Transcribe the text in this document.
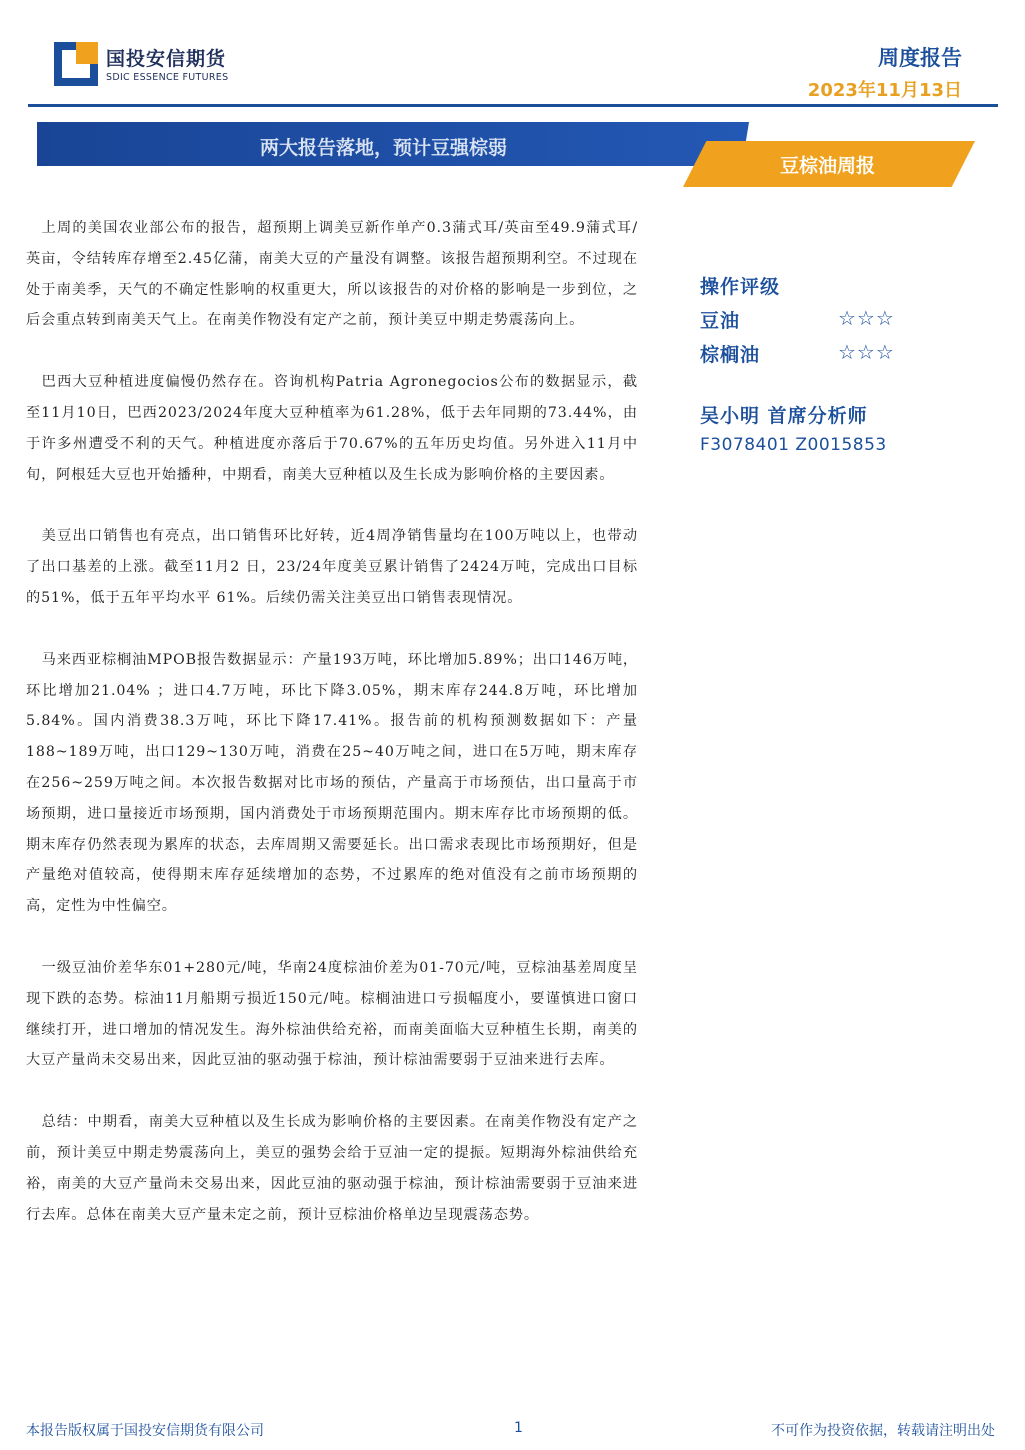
国投安信期货
SDIC ESSENCE FUTURES
周度报告
2023年11月13日
两大报告落地，预计豆强棕弱
豆棕油周报

上周的美国农业部公布的报告，超预期上调美豆新作单产0.3蒲式耳/英亩至49.9蒲式耳/英亩，令结转库存增至2.45亿蒲，南美大豆的产量没有调整。该报告超预期利空。不过现在处于南美季，天气的不确定性影响的权重更大，所以该报告的对价格的影响是一步到位，之后会重点转到南美天气上。在南美作物没有定产之前，预计美豆中期走势震荡向上。

巴西大豆种植进度偏慢仍然存在。咨询机构Patria Agronegocios公布的数据显示，截至11月10日，巴西2023/2024年度大豆种植率为61.28%，低于去年同期的73.44%，由于许多州遭受不利的天气。种植进度亦落后于70.67%的五年历史均值。另外进入11月中旬，阿根廷大豆也开始播种，中期看，南美大豆种植以及生长成为影响价格的主要因素。

美豆出口销售也有亮点，出口销售环比好转，近4周净销售量均在100万吨以上，也带动了出口基差的上涨。截至11月2 日，23/24年度美豆累计销售了2424万吨，完成出口目标的51%，低于五年平均水平 61%。后续仍需关注美豆出口销售表现情况。

马来西亚棕榈油MPOB报告数据显示：产量193万吨，环比增加5.89%；出口146万吨，环比增加21.04% ；进口4.7万吨，环比下降3.05%，期末库存244.8万吨，环比增加5.84%。国内消费38.3万吨，环比下降17.41%。报告前的机构预测数据如下：产量188~189万吨，出口129~130万吨，消费在25~40万吨之间，进口在5万吨，期末库存在256~259万吨之间。本次报告数据对比市场的预估，产量高于市场预估，出口量高于市场预期，进口量接近市场预期，国内消费处于市场预期范围内。期末库存比市场预期的低。期末库存仍然表现为累库的状态，去库周期又需要延长。出口需求表现比市场预期好，但是产量绝对值较高，使得期末库存延续增加的态势，不过累库的绝对值没有之前市场预期的高，定性为中性偏空。

一级豆油价差华东01+280元/吨，华南24度棕油价差为01-70元/吨，豆棕油基差周度呈现下跌的态势。棕油11月船期亏损近150元/吨。棕榈油进口亏损幅度小，要谨慎进口窗口继续打开，进口增加的情况发生。海外棕油供给充裕，而南美面临大豆种植生长期，南美的大豆产量尚未交易出来，因此豆油的驱动强于棕油，预计棕油需要弱于豆油来进行去库。

总结：中期看，南美大豆种植以及生长成为影响价格的主要因素。在南美作物没有定产之前，预计美豆中期走势震荡向上，美豆的强势会给于豆油一定的提振。短期海外棕油供给充裕，南美的大豆产量尚未交易出来，因此豆油的驱动强于棕油，预计棕油需要弱于豆油来进行去库。总体在南美大豆产量未定之前，预计豆棕油价格单边呈现震荡态势。

操作评级
豆油	☆☆☆
棕榈油	☆☆☆
吴小明 首席分析师
F3078401 Z0015853
本报告版权属于国投安信期货有限公司	1	不可作为投资依据，转载请注明出处
